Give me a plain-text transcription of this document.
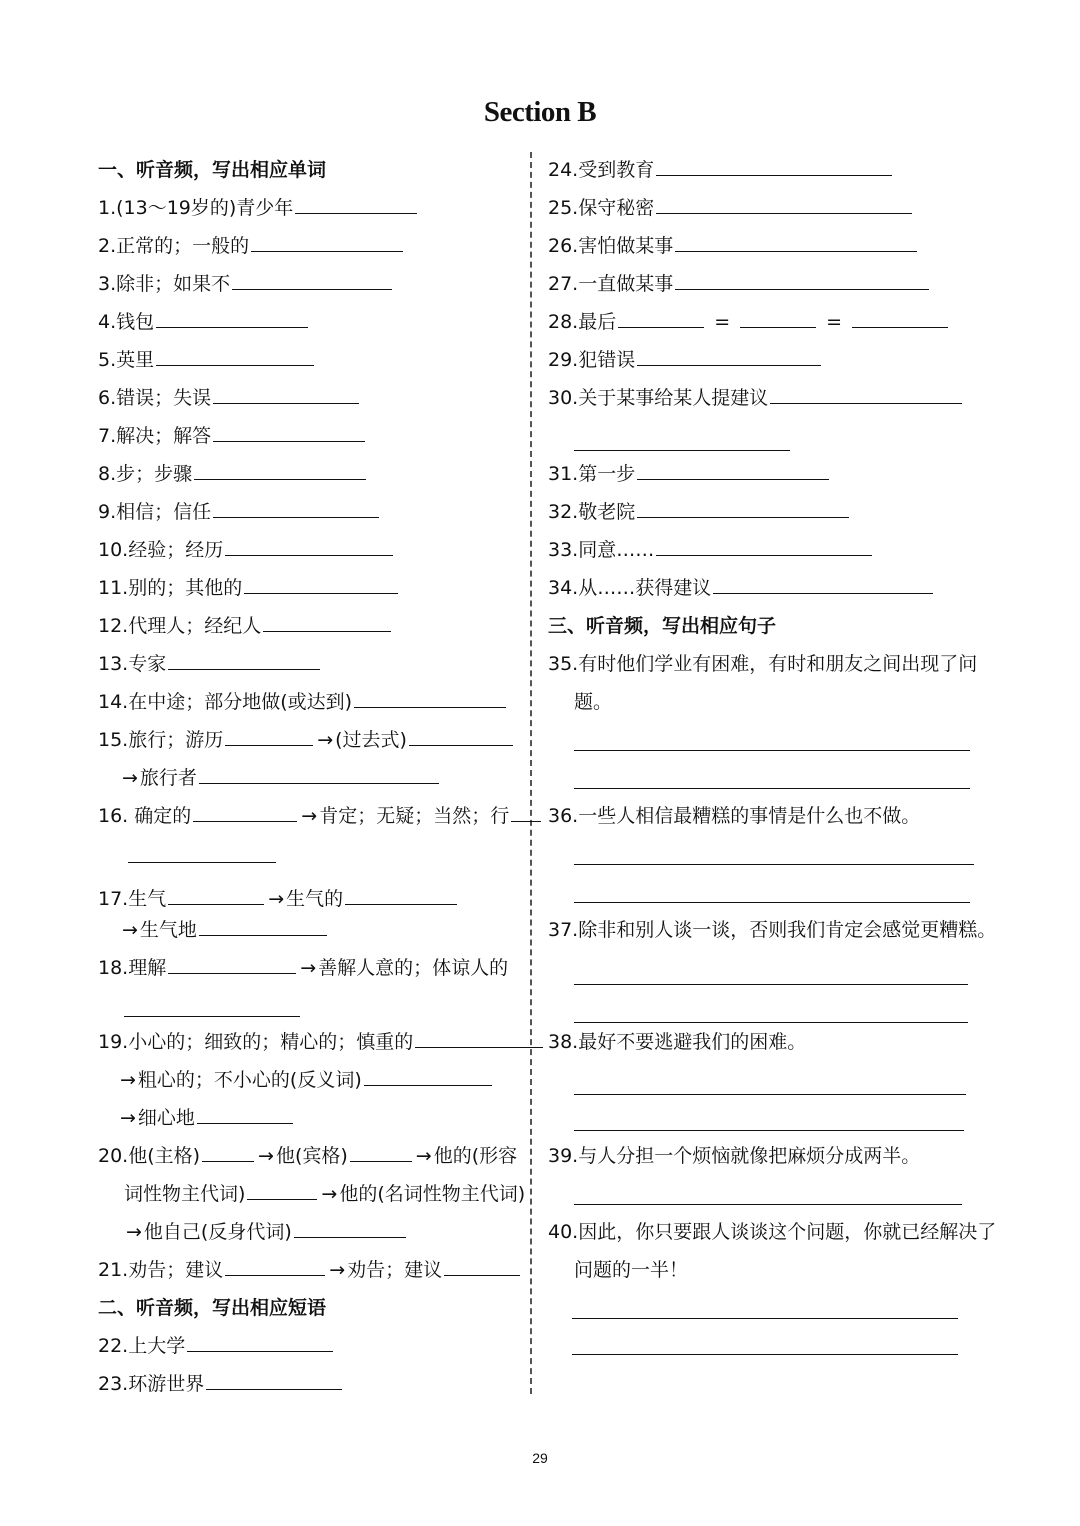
Section B
一、听音频，写出相应单词
1.(13～19岁的)青少年
2.正常的；一般的
3.除非；如果不
4.钱包
5.英里
6.错误；失误
7.解决；解答
8.步；步骤
9.相信；信任
10.经验；经历
11.别的；其他的
12.代理人；经纪人
13.专家
14.在中途；部分地做(或达到)
15.旅行；游历	→ (过去式)
→ 旅行者
16. 确定的	→ 肯定；无疑；当然；行
17.生气	→ 生气的
→ 生气地
18.理解	→ 善解人意的；体谅人的
19.小心的；细致的；精心的；慎重的
→ 粗心的；不小心的(反义词)
→ 细心地
20.他(主格)	→ 他(宾格)	→ 他的(形容
词性物主代词)	→ 他的(名词性物主代词)
→ 他自己(反身代词)
21.劝告；建议	→ 劝告；建议
二、听音频，写出相应短语
22.上大学
23.环游世界
24.受到教育
25.保守秘密
26.害怕做某事
27.一直做某事
28.最后	=	=
29.犯错误
30.关于某事给某人提建议
31.第一步
32.敬老院
33.同意……
34.从……获得建议
三、听音频，写出相应句子
35.有时他们学业有困难，有时和朋友之间出现了问
题。
36.一些人相信最糟糕的事情是什么也不做。
37.除非和别人谈一谈，否则我们肯定会感觉更糟糕。
38.最好不要逃避我们的困难。
39.与人分担一个烦恼就像把麻烦分成两半。
40.因此，你只要跟人谈谈这个问题，你就已经解决了
问题的一半！
29
